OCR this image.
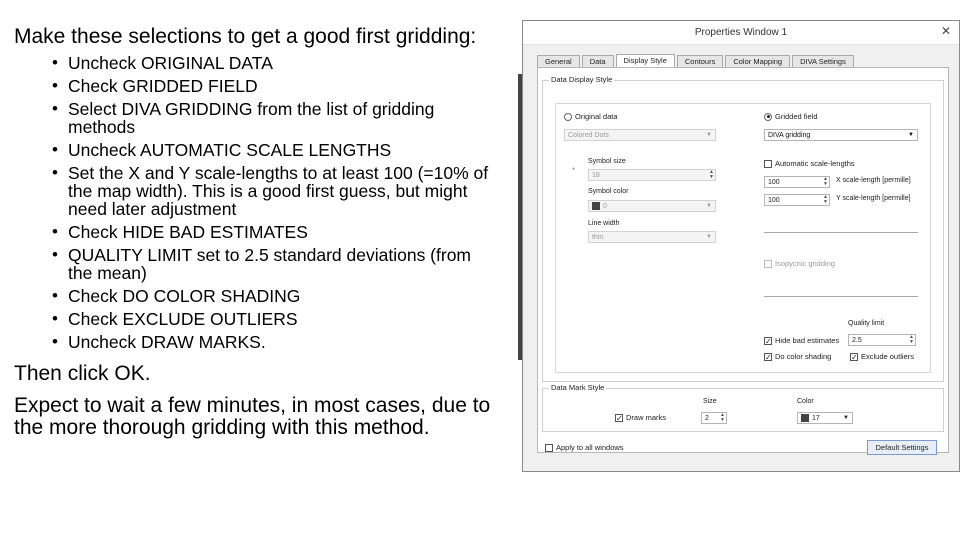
Make these selections to get a good first gridding:
• Uncheck ORIGINAL DATA
• Check GRIDDED FIELD
• Select DIVA GRIDDING from the list of gridding methods
• Uncheck AUTOMATIC SCALE LENGTHS
• Set the X and Y scale-lengths to at least 100 (=10% of the map width). This is a good first guess, but might need later adjustment
• Check HIDE BAD ESTIMATES
• QUALITY LIMIT set to 2.5 standard deviations (from the mean)
• Check DO COLOR SHADING
• Check EXCLUDE OUTLIERS
• Uncheck DRAW MARKS.

Then click OK.

Expect to wait a few minutes, in most cases, due to the more thorough gridding with this method.

Properties Window 1	✕
General Data Display Style Contours Color Mapping DIVA Settings
Data Display Style
Original data
Colored Dots	▼
●
Symbol size
18	▲
▼
Symbol color
0	▼
Line width
thin	▼
Gridded field
DIVA gridding	▼
Automatic scale-lengths
100	▲
▼ X scale-length [permille]
100	▲
▼ Y scale-length [permille]
Isopycnic gridding
Quality limit
✓ Hide bad estimates	2.5	▲
▼
✓ Do color shading ✓ Exclude outliers
Data Mark Style
Size	Color
✓ Draw marks	2 ▲
▼	17	▼
Apply to all windows	Default Settings
